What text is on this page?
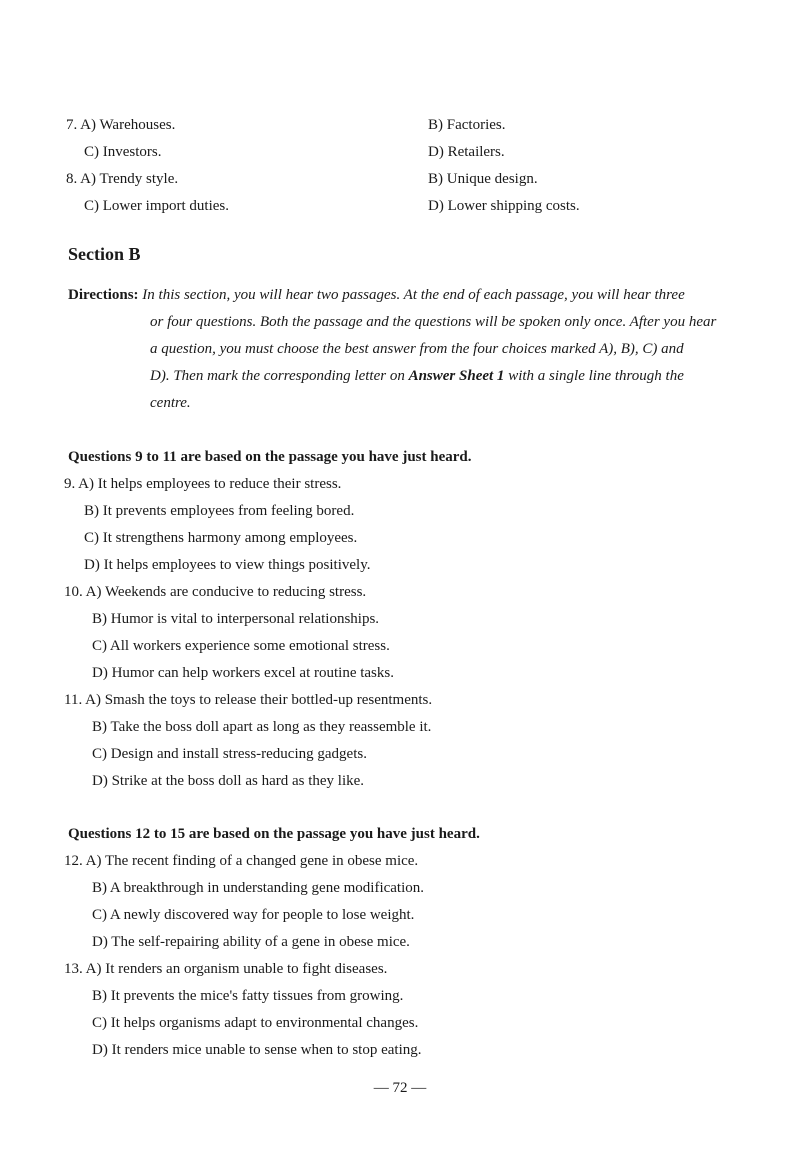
7. A) Warehouses.	B) Factories.
C) Investors.	D) Retailers.
8. A) Trendy style.	B) Unique design.
C) Lower import duties.	D) Lower shipping costs.
Section B
Directions: In this section, you will hear two passages. At the end of each passage, you will hear three
or four questions. Both the passage and the questions will be spoken only once. After you hear
a question, you must choose the best answer from the four choices marked A), B), C) and
D). Then mark the corresponding letter on Answer Sheet 1 with a single line through the
centre.
Questions 9 to 11 are based on the passage you have just heard.
9. A) It helps employees to reduce their stress.
B) It prevents employees from feeling bored.
C) It strengthens harmony among employees.
D) It helps employees to view things positively.
10. A) Weekends are conducive to reducing stress.
B) Humor is vital to interpersonal relationships.
C) All workers experience some emotional stress.
D) Humor can help workers excel at routine tasks.
11. A) Smash the toys to release their bottled-up resentments.
B) Take the boss doll apart as long as they reassemble it.
C) Design and install stress-reducing gadgets.
D) Strike at the boss doll as hard as they like.
Questions 12 to 15 are based on the passage you have just heard.
12. A) The recent finding of a changed gene in obese mice.
B) A breakthrough in understanding gene modification.
C) A newly discovered way for people to lose weight.
D) The self-repairing ability of a gene in obese mice.
13. A) It renders an organism unable to fight diseases.
B) It prevents the mice's fatty tissues from growing.
C) It helps organisms adapt to environmental changes.
D) It renders mice unable to sense when to stop eating.
— 72 —
